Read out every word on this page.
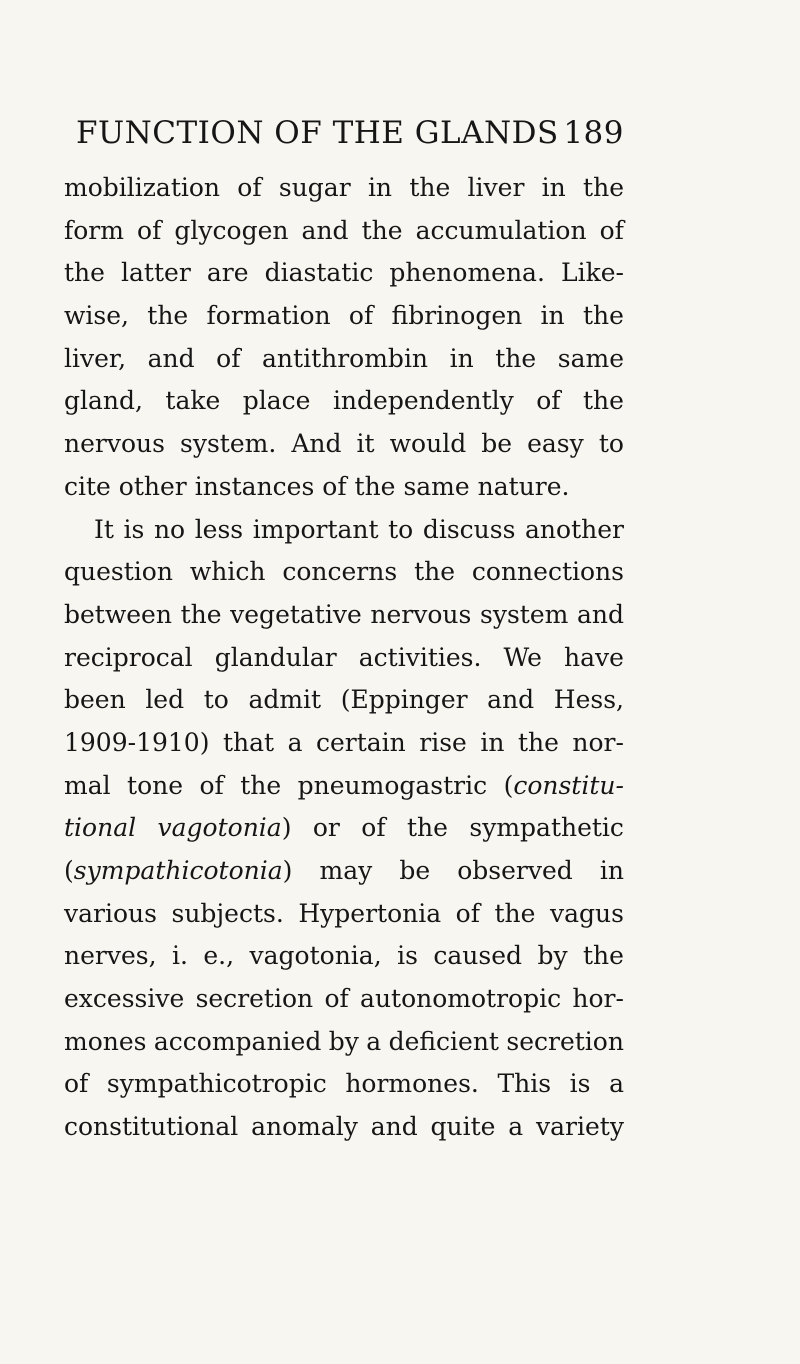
FUNCTION OF THE GLANDS 189
mobilization of sugar in the liver in the
form of glycogen and the accumulation of
the latter are diastatic phenomena. Like-
wise, the formation of fibrinogen in the
liver, and of antithrombin in the same
gland, take place independently of the
nervous system. And it would be easy to
cite
other
instances
of
the
same
nature.
It is no less important to discuss another
question which concerns the connections
between the vegetative nervous system and
reciprocal glandular activities. We have
been led to admit (Eppinger and Hess,
1909-1910) that a certain rise in the nor-
mal tone of the pneumogastric (constitu-
tional vagotonia) or of the sympathetic
(sympathicotonia) may be observed in
various subjects. Hypertonia of the vagus
nerves, i. e., vagotonia, is caused by the
excessive secretion of autonomotropic hor-
mones accompanied by a deficient secretion
of sympathicotropic hormones. This is a
constitutional anomaly and quite a variety
